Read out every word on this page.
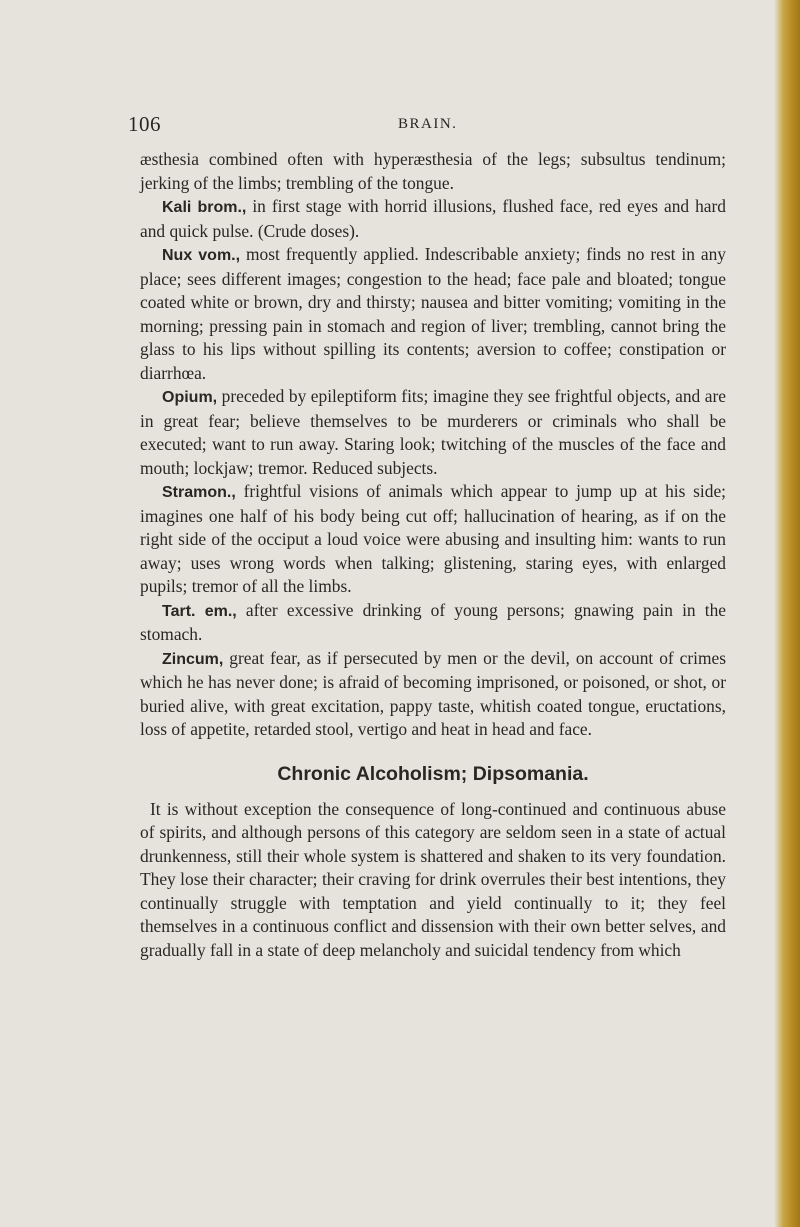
106	BRAIN.

æsthesia combined often with hyperæsthesia of the legs; subsultus tendinum; jerking of the limbs; trembling of the tongue.

Kali brom., in first stage with horrid illusions, flushed face, red eyes and hard and quick pulse. (Crude doses).

Nux vom., most frequently applied. Indescribable anxiety; finds no rest in any place; sees different images; congestion to the head; face pale and bloated; tongue coated white or brown, dry and thirsty; nausea and bitter vomiting; vomiting in the morning; pressing pain in stomach and region of liver; trembling, cannot bring the glass to his lips without spilling its contents; aversion to coffee; constipation or diarrhœa.

Opium, preceded by epileptiform fits; imagine they see frightful objects, and are in great fear; believe themselves to be murderers or criminals who shall be executed; want to run away. Staring look; twitching of the muscles of the face and mouth; lockjaw; tremor. Reduced subjects.

Stramon., frightful visions of animals which appear to jump up at his side; imagines one half of his body being cut off; hallucination of hearing, as if on the right side of the occiput a loud voice were abusing and insulting him: wants to run away; uses wrong words when talking; glistening, staring eyes, with enlarged pupils; tremor of all the limbs.

Tart. em., after excessive drinking of young persons; gnawing pain in the stomach.

Zincum, great fear, as if persecuted by men or the devil, on account of crimes which he has never done; is afraid of becoming imprisoned, or poisoned, or shot, or buried alive, with great excitation, pappy taste, whitish coated tongue, eructations, loss of appetite, retarded stool, vertigo and heat in head and face.

Chronic Alcoholism; Dipsomania.

It is without exception the consequence of long-continued and continuous abuse of spirits, and although persons of this category are seldom seen in a state of actual drunkenness, still their whole system is shattered and shaken to its very foundation. They lose their character; their craving for drink overrules their best intentions, they continually struggle with temptation and yield continually to it; they feel themselves in a continuous conflict and dissension with their own better selves, and gradually fall in a state of deep melancholy and suicidal tendency from which
